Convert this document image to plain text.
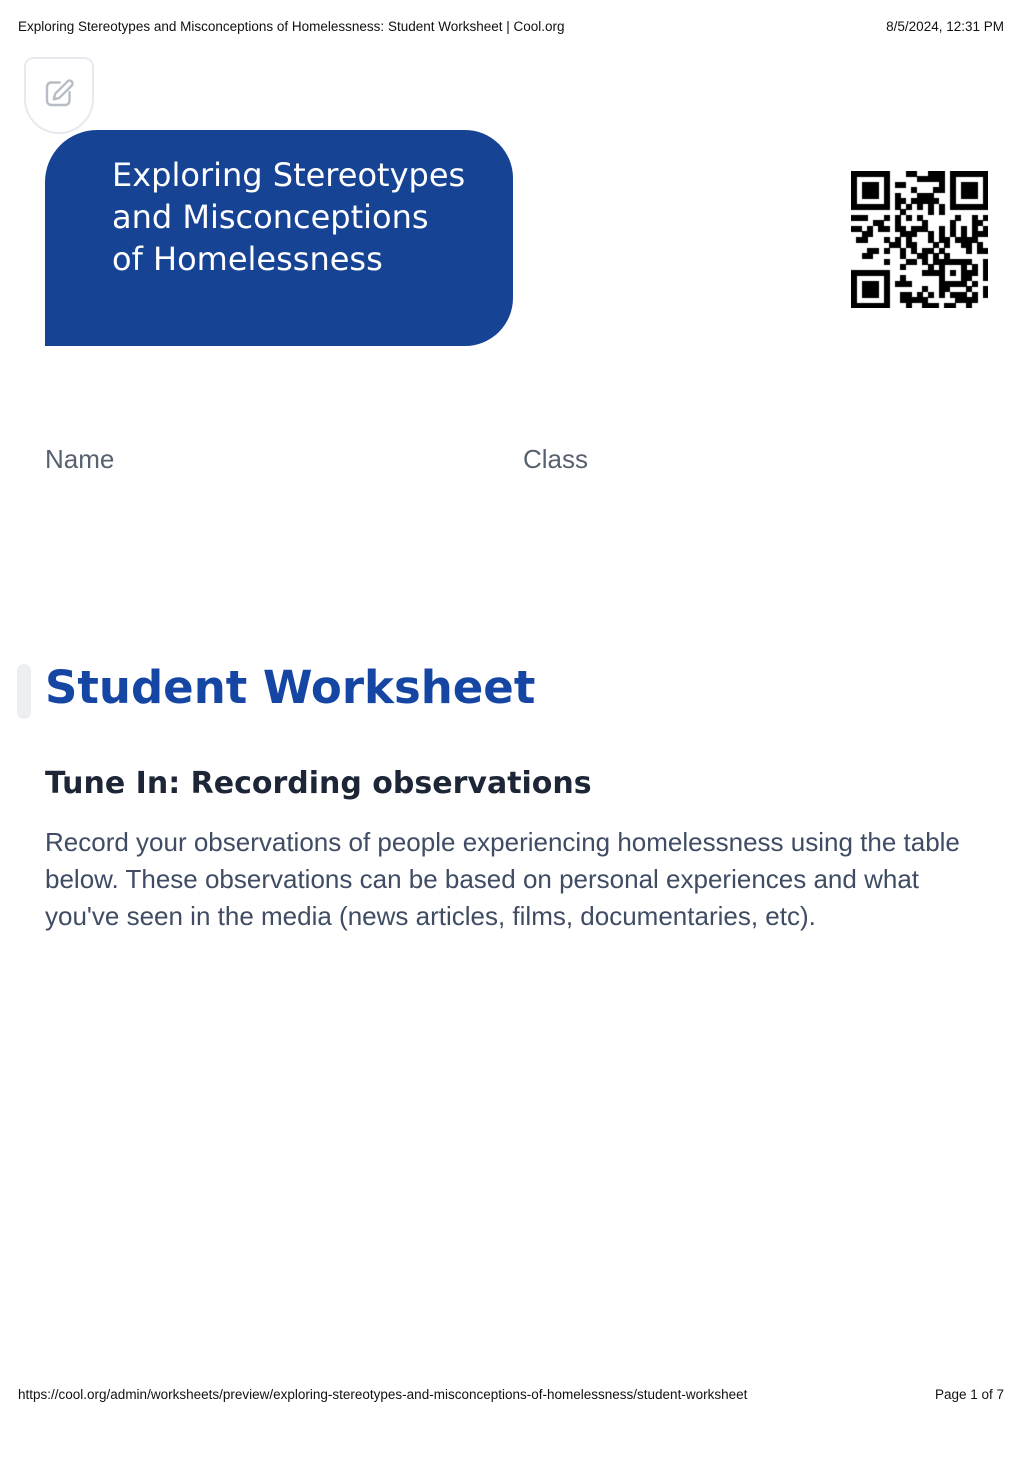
Exploring Stereotypes and Misconceptions of Homelessness: Student Worksheet | Cool.org	8/5/2024, 12:31 PM
Exploring Stereotypes and Misconceptions of Homelessness
Name	Class
Student Worksheet
Tune In: Recording observations

Record your observations of people experiencing homelessness using the table below. These observations can be based on personal experiences and what you've seen in the media (news articles, films, documentaries, etc).

https://cool.org/admin/worksheets/preview/exploring-stereotypes-and-misconceptions-of-homelessness/student-worksheet	Page 1 of 7
